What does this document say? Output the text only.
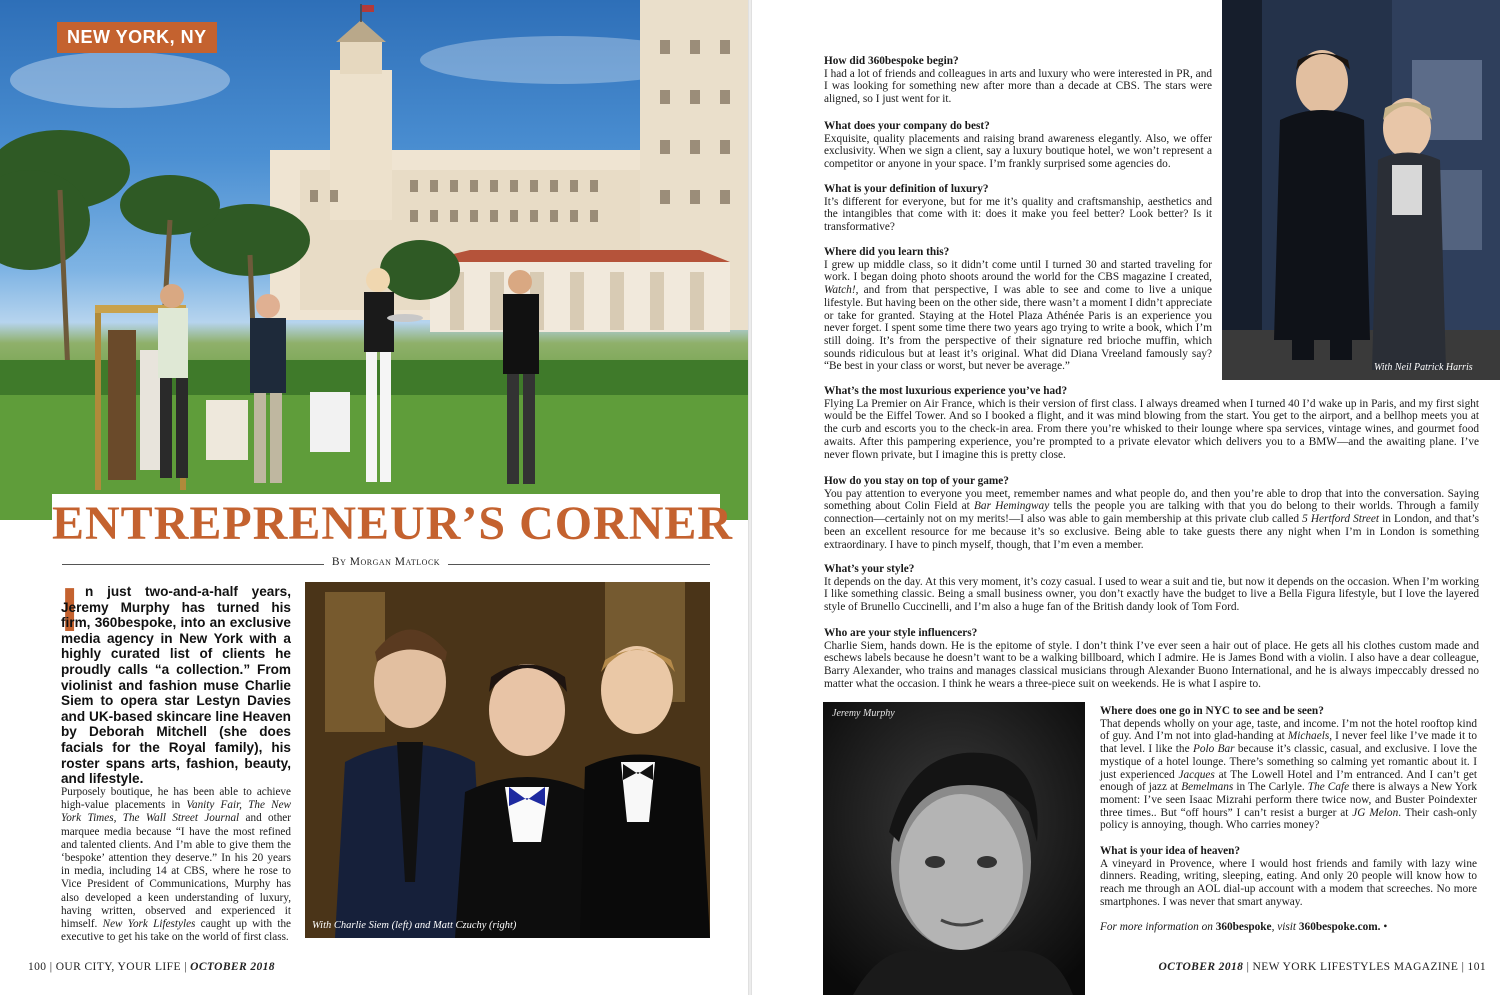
NEW YORK, NY
ENTREPRENEUR’S CORNER
By Morgan Matlock
I n just two-and-a-half years, Jeremy Murphy has turned his firm, 360bespoke, into an exclusive media agency in New York with a highly curated list of clients he proudly calls “a collection.” From violinist and fashion muse Charlie Siem to opera star Lestyn Davies and UK-based skincare line Heaven by Deborah Mitchell (she does facials for the Royal family), his roster spans arts, fashion, beauty, and lifestyle.

Purposely boutique, he has been able to achieve high-value placements in Vanity Fair, The New York Times, The Wall Street Journal and other marquee media because “I have the most refined and talented clients. And I’m able to give them the ‘bespoke’ attention they deserve.” In his 20 years in media, including 14 at CBS, where he rose to Vice President of Communications, Murphy has also developed a keen understanding of luxury, having written, observed and experienced it himself. New York Lifestyles caught up with the executive to get his take on the world of first class.

With Charlie Siem (left) and Matt Czuchy (right)
100 | OUR CITY, YOUR LIFE | OCTOBER 2018
With Neil Patrick Harris
How did 360bespoke begin?

I had a lot of friends and colleagues in arts and luxury who were interested in PR, and I was looking for something new after more than a decade at CBS. The stars were aligned, so I just went for it.

What does your company do best?

Exquisite, quality placements and raising brand awareness elegantly. Also, we offer exclusivity. When we sign a client, say a luxury boutique hotel, we won’t represent a competitor or anyone in your space. I’m frankly surprised some agencies do.

What is your definition of luxury?

It’s different for everyone, but for me it’s quality and craftsmanship, aesthetics and the intangibles that come with it: does it make you feel better? Look better? Is it transformative?

Where did you learn this?

I grew up middle class, so it didn’t come until I turned 30 and started traveling for work. I began doing photo shoots around the world for the CBS magazine I created, Watch!, and from that perspective, I was able to see and come to live a unique lifestyle. But having been on the other side, there wasn’t a moment I didn’t appreciate or take for granted. Staying at the Hotel Plaza Athénée Paris is an experience you never forget. I spent some time there two years ago trying to write a book, which I’m still doing. It’s from the perspective of their signature red brioche muffin, which sounds ridiculous but at least it’s original. What did Diana Vreeland famously say? “Be best in your class or worst, but never be average.”

What’s the most luxurious experience you’ve had?

Flying La Premier on Air France, which is their version of first class. I always dreamed when I turned 40 I’d wake up in Paris, and my first sight would be the Eiffel Tower. And so I booked a flight, and it was mind blowing from the start. You get to the airport, and a bellhop meets you at the curb and escorts you to the check-in area. From there you’re whisked to their lounge where spa services, vintage wines, and gourmet food awaits. After this pampering experience, you’re prompted to a private elevator which delivers you to a BMW—and the awaiting plane. I’ve never flown private, but I imagine this is pretty close.

How do you stay on top of your game?

You pay attention to everyone you meet, remember names and what people do, and then you’re able to drop that into the conversation. Saying something about Colin Field at Bar Hemingway tells the people you are talking with that you do belong to their worlds. Through a family connection—certainly not on my merits!—I also was able to gain membership at this private club called 5 Hertford Street in London, and that’s been an excellent resource for me because it’s so exclusive. Being able to take guests there any night when I’m in London is something extraordinary. I have to pinch myself, though, that I’m even a member.

What’s your style?

It depends on the day. At this very moment, it’s cozy casual. I used to wear a suit and tie, but now it depends on the occasion. When I’m working I like something classic. Being a small business owner, you don’t exactly have the budget to live a Bella Figura lifestyle, but I love the layered style of Brunello Cuccinelli, and I’m also a huge fan of the British dandy look of Tom Ford.

Who are your style influencers?

Charlie Siem, hands down. He is the epitome of style. I don’t think I’ve ever seen a hair out of place. He gets all his clothes custom made and eschews labels because he doesn’t want to be a walking billboard, which I admire. He is James Bond with a violin. I also have a dear colleague, Barry Alexander, who trains and manages classical musicians through Alexander Buono International, and he is always impeccably dressed no matter what the occasion. I think he wears a three-piece suit on weekends. He is what I aspire to.

Jeremy Murphy	Where does one go in NYC to see and be seen?

That depends wholly on your age, taste, and income. I’m not the hotel rooftop kind of guy. And I’m not into glad-handing at Michaels, I never feel like I’ve made it to that level. I like the Polo Bar because it’s classic, casual, and exclusive. I love the mystique of a hotel lounge. There’s something so calming yet romantic about it. I just experienced Jacques at The Lowell Hotel and I’m entranced. And I can’t get enough of jazz at Bemelmans in The Carlyle. The Cafe there is always a New York moment: I’ve seen Isaac Mizrahi perform there twice now, and Buster Poindexter three times.. But “off hours” I can’t resist a burger at JG Melon. Their cash-only policy is annoying, though. Who carries money?

What is your idea of heaven?

A vineyard in Provence, where I would host friends and family with lazy wine dinners. Reading, writing, sleeping, eating. And only 20 people will know how to reach me through an AOL dial-up account with a modem that screeches. No more smartphones. I was never that smart anyway.

For more information on 360bespoke, visit 360bespoke.com. •
OCTOBER 2018 | NEW YORK LIFESTYLES MAGAZINE | 101
